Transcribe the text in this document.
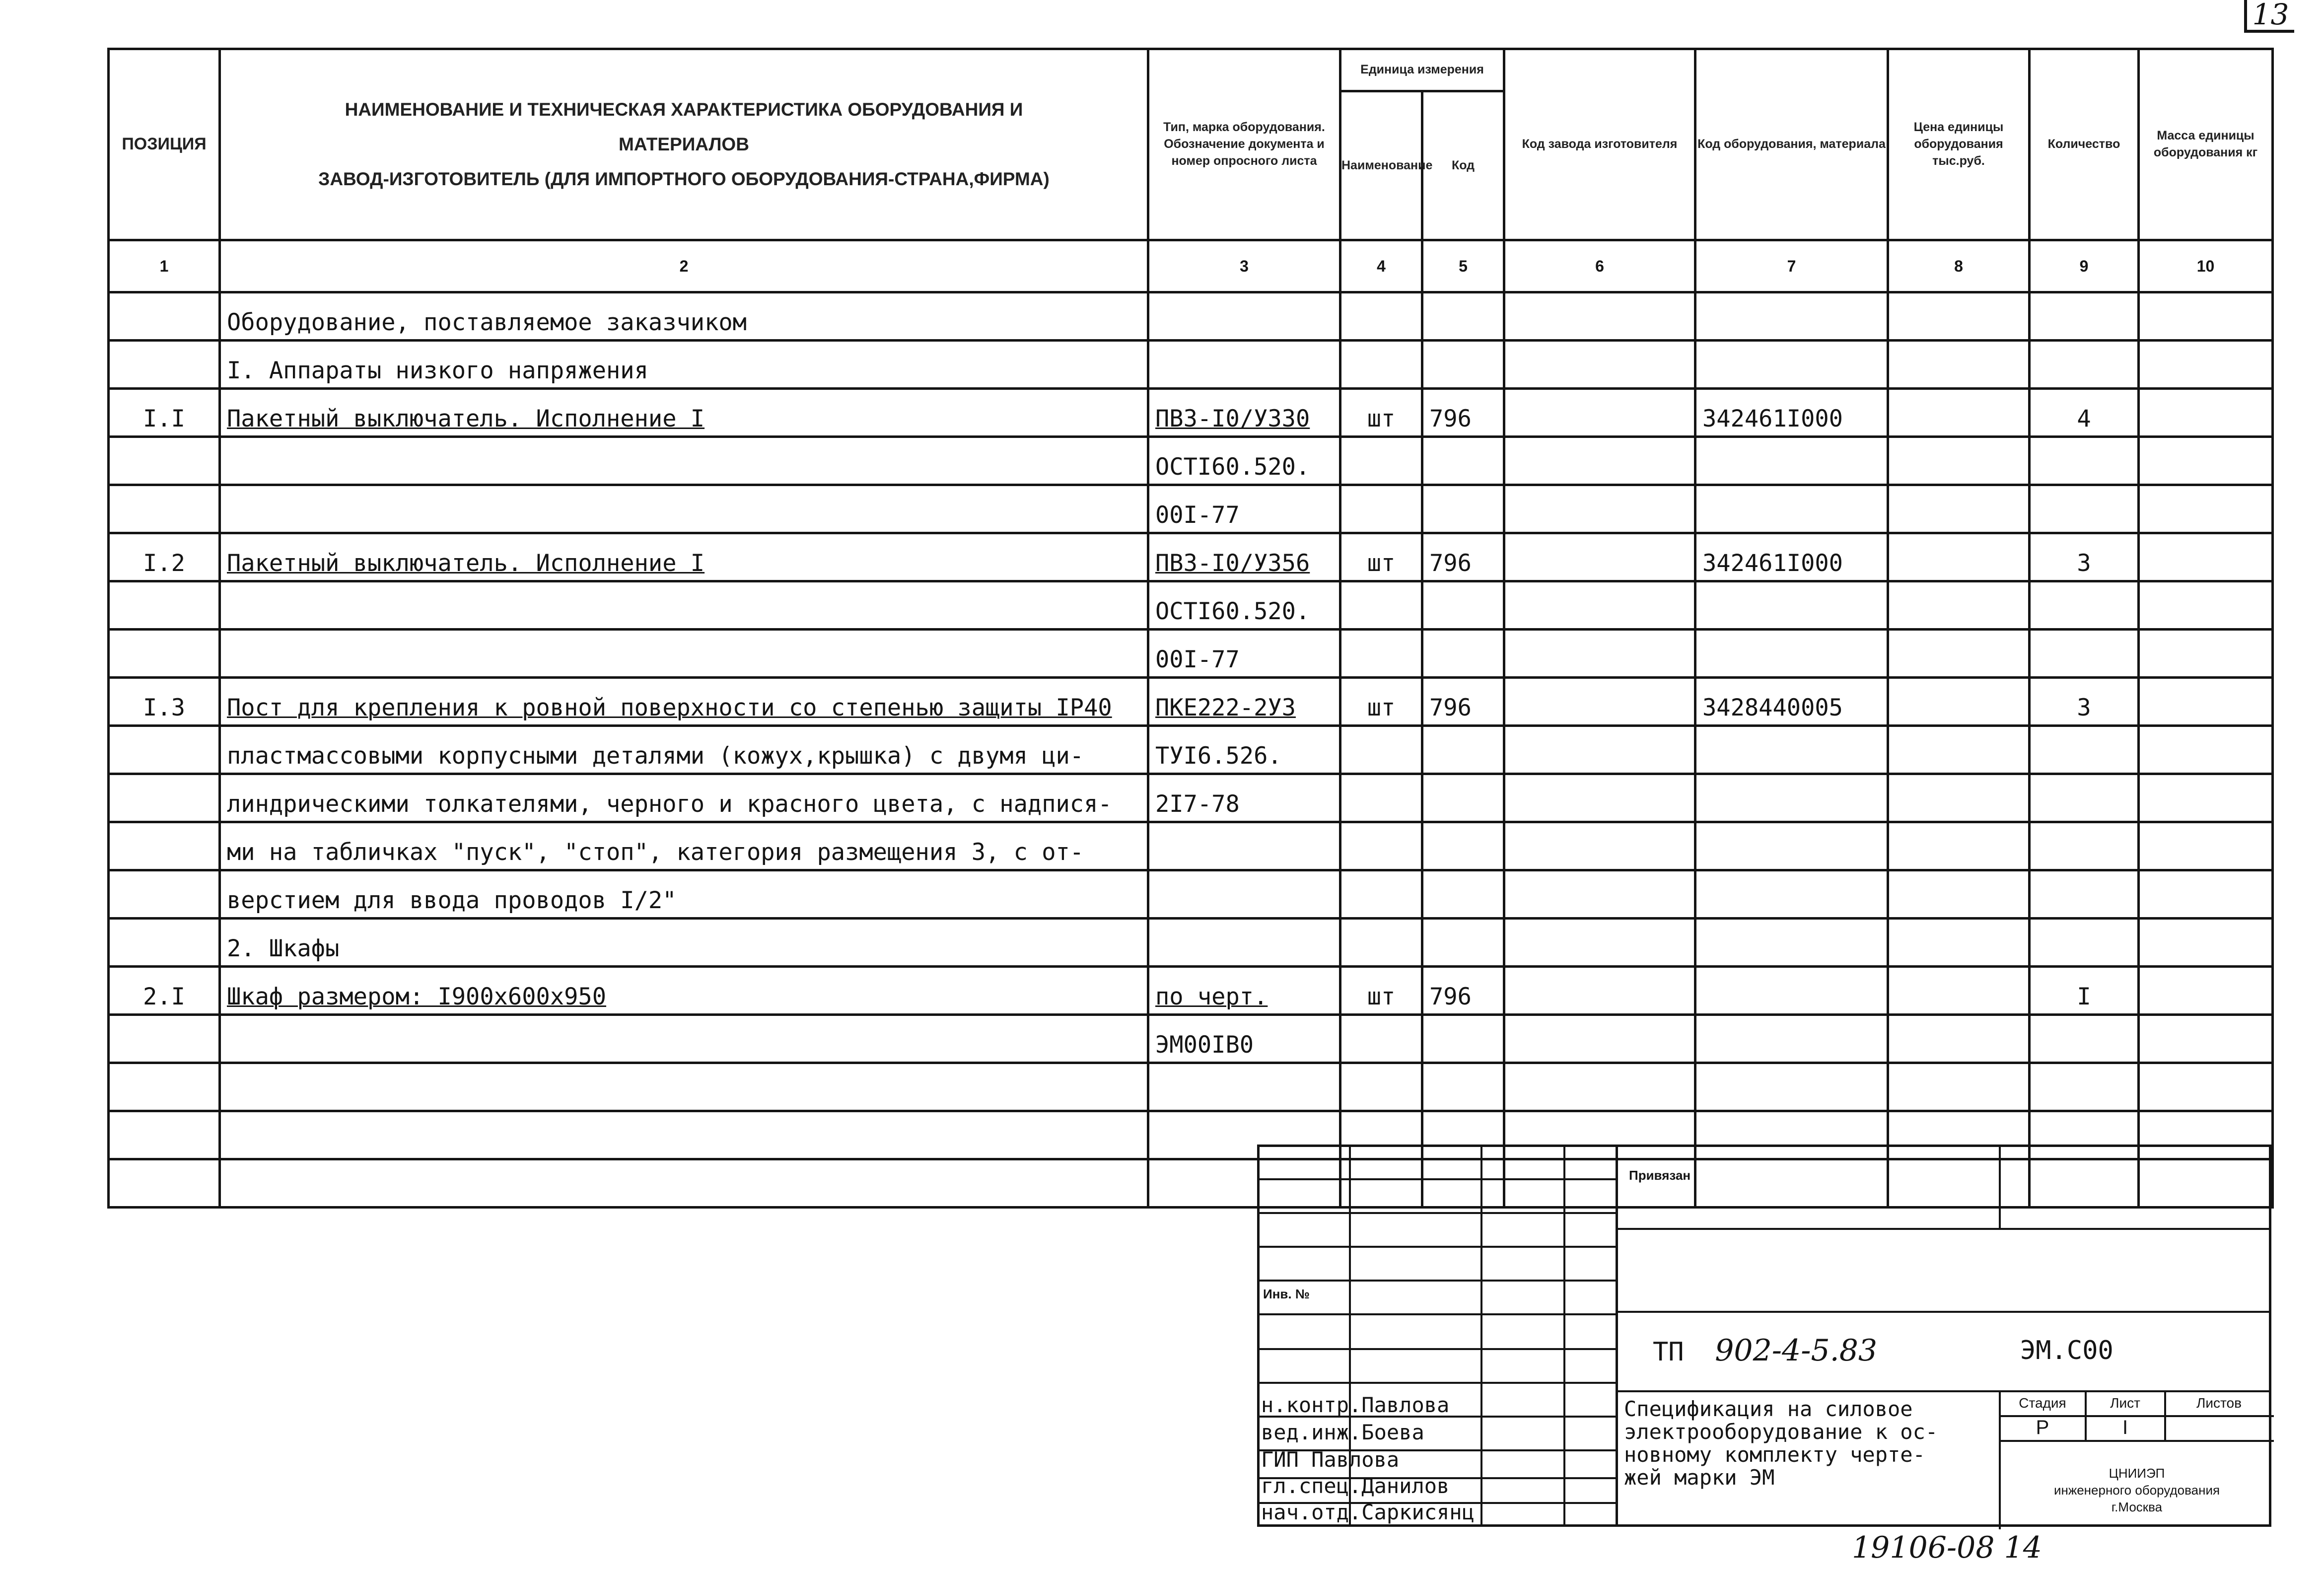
13
ПОЗИЦИЯ	НАИМЕНОВАНИЕ И ТЕХНИЧЕСКАЯ ХАРАКТЕРИСТИКА ОБОРУДОВАНИЯ И
МАТЕРИАЛОВ
ЗАВОД-ИЗГОТОВИТЕЛЬ (ДЛЯ ИМПОРТНОГО ОБОРУДОВАНИЯ-СТРАНА,ФИРМА)	Тип, марка оборудования. Обозначение документа и номер опросного листа	Единица измерения		Код завода изготовителя	Код оборудования, материала	Цена единицы оборудования тыс.руб.	Количество	Масса единицы оборудования кг
			Наименование	Код					
1	2	3	4	5	6	7	8	9	10
	Оборудование, поставляемое заказчиком								
	I. Аппараты низкого напряжения								
I.I	Пакетный выключатель. Исполнение I	ПВЗ-I0/У330	шт	796		342461I000		4	
		ОСТI60.520.							
		00I-77							
I.2	Пакетный выключатель. Исполнение I	ПВЗ-I0/У356	шт	796		342461I000		3	
		ОСТI60.520.							
		00I-77							
I.3	Пост для крепления к ровной поверхности со степенью защиты IP40	ПКЕ222-2У3	шт	796		3428440005		3	
	пластмассовыми корпусными деталями (кожух,крышка) с двумя ци-	ТУI6.526.							
	линдрическими толкателями, черного и красного цвета, с надпися-	2I7-78							
	ми на табличках "пуск", "стоп", категория размещения 3, с от-								
	верстием для ввода проводов I/2"								
	2. Шкафы								
2.I	Шкаф размером: I900х600х950	по черт.	шт	796				I	
		ЭМ00IВ0							

Инв. №
н.контр.Павлова
вед.инж.Боева
ГИП Павлова
гл.спец.Данилов
нач.отд.Саркисянц
Привязан
ТП 902-4-5.83	ЭМ.С00
Спецификация на силовое
электрооборудование к ос-
новному комплекту черте-
жей марки ЭМ
Стадия	Лист	Листов
Р	I
ЦНИИЭП
инженерного оборудования
г.Москва
19106-08 14
